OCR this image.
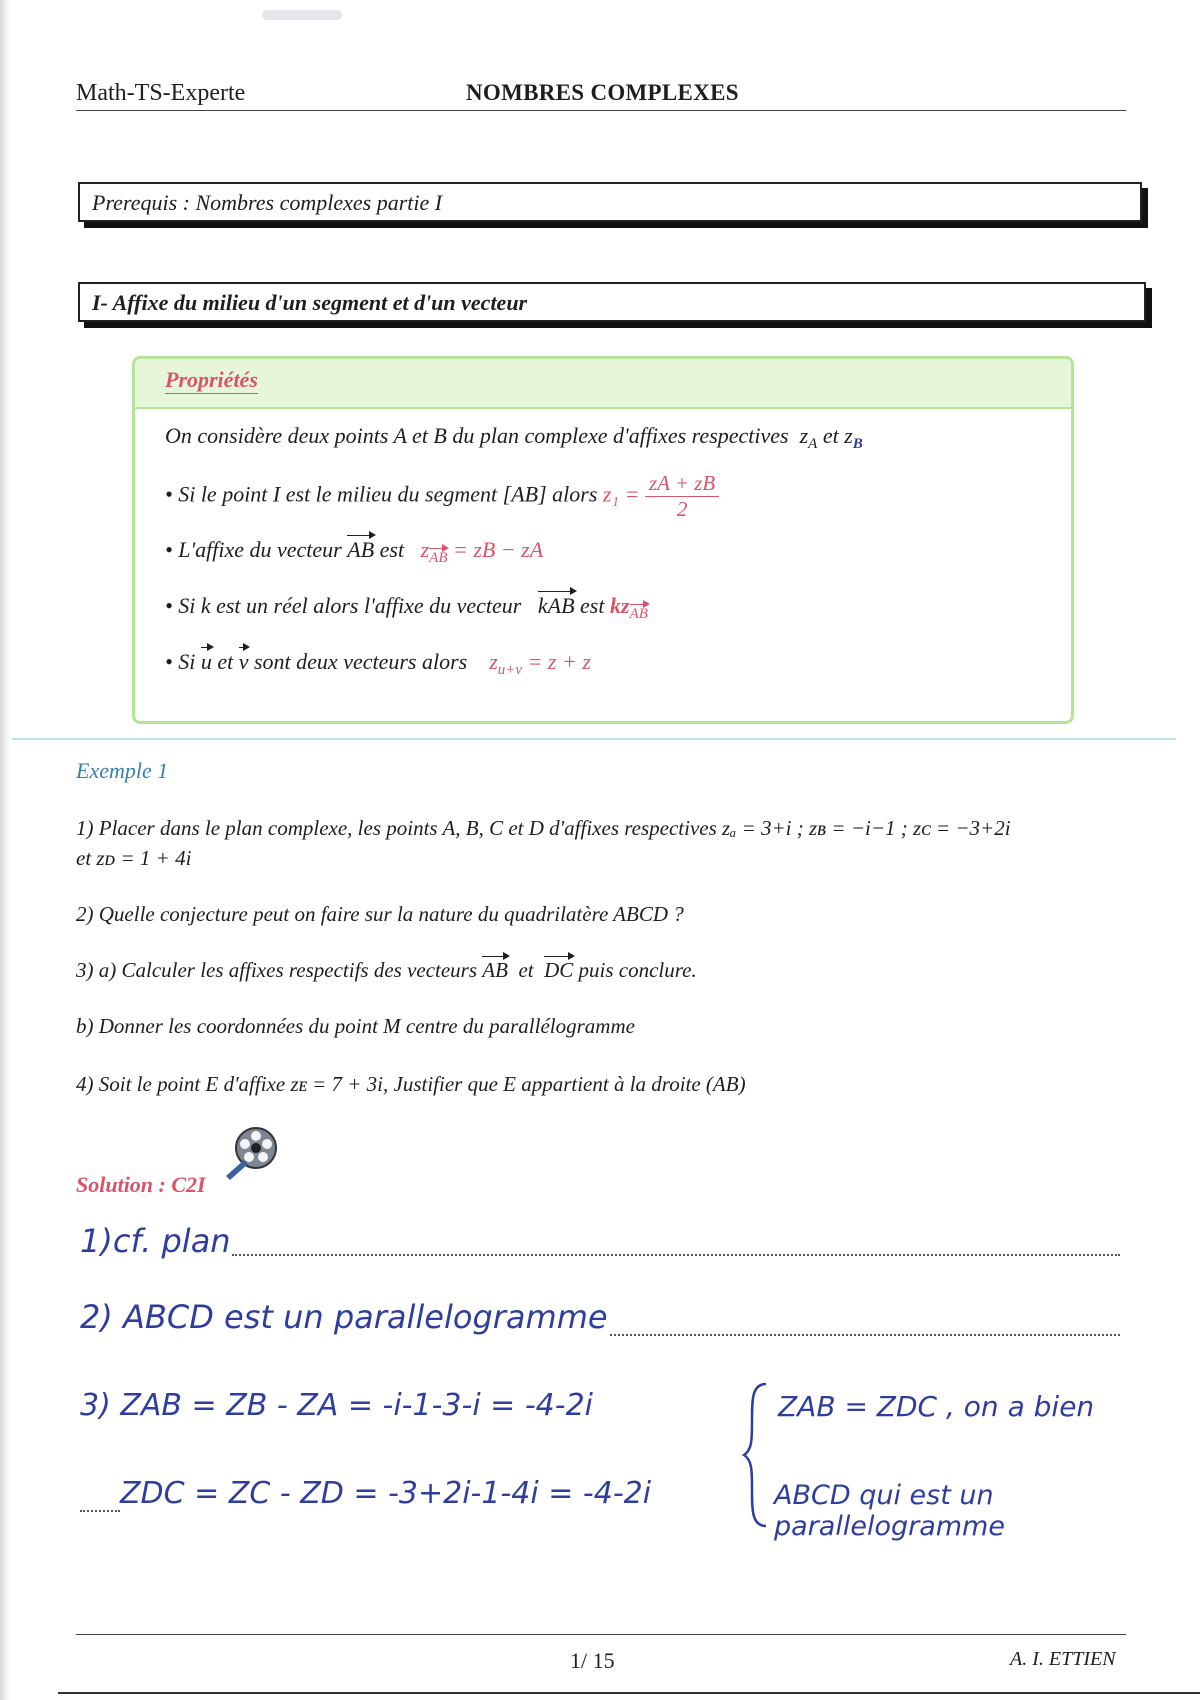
Math-TS-Experte	NOMBRES COMPLEXES
Prerequis : Nombres complexes partie I
I- Affixe du milieu d'un segment et d'un vecteur
Propriétés
On considère deux points A et B du plan complexe d'affixes respectives $z_A$ et $z_B$
• Si le point I est le milieu du segment [AB] alors $z_1 = \frac{zA + zB}{2}$
• L'affixe du vecteur AB est zAB = zB − zA
• Si k est un réel alors l'affixe du vecteur kAB est kzAB
• Si u et v sont deux vecteurs alors $z_{u+v} = z + z$
Exemple 1
1) Placer dans le plan complexe, les points A, B, C et D d'affixes respectives zₐ = 3+i ; zʙ = −i−1 ; zᴄ = −3+2i
et zᴅ = 1 + 4i
2) Quelle conjecture peut on faire sur la nature du quadrilatère ABCD ?
3) a) Calculer les affixes respectifs des vecteurs AB et DC puis conclure.
b) Donner les coordonnées du point M centre du parallélogramme
4) Soit le point E d'affixe zᴇ = 7 + 3i, Justifier que E appartient à la droite (AB)
Solution : C2I
1)cf. plan
2) ABCD est un parallelogramme
3) ZAB = ZB - ZA = -i-1-3-i = -4-2i
ZDC = ZC - ZD = -3+2i-1-4i = -4-2i
ZAB = ZDC , on a bien
ABCD qui est un parallelogramme
1/ 15	A. I. ETTIEN
